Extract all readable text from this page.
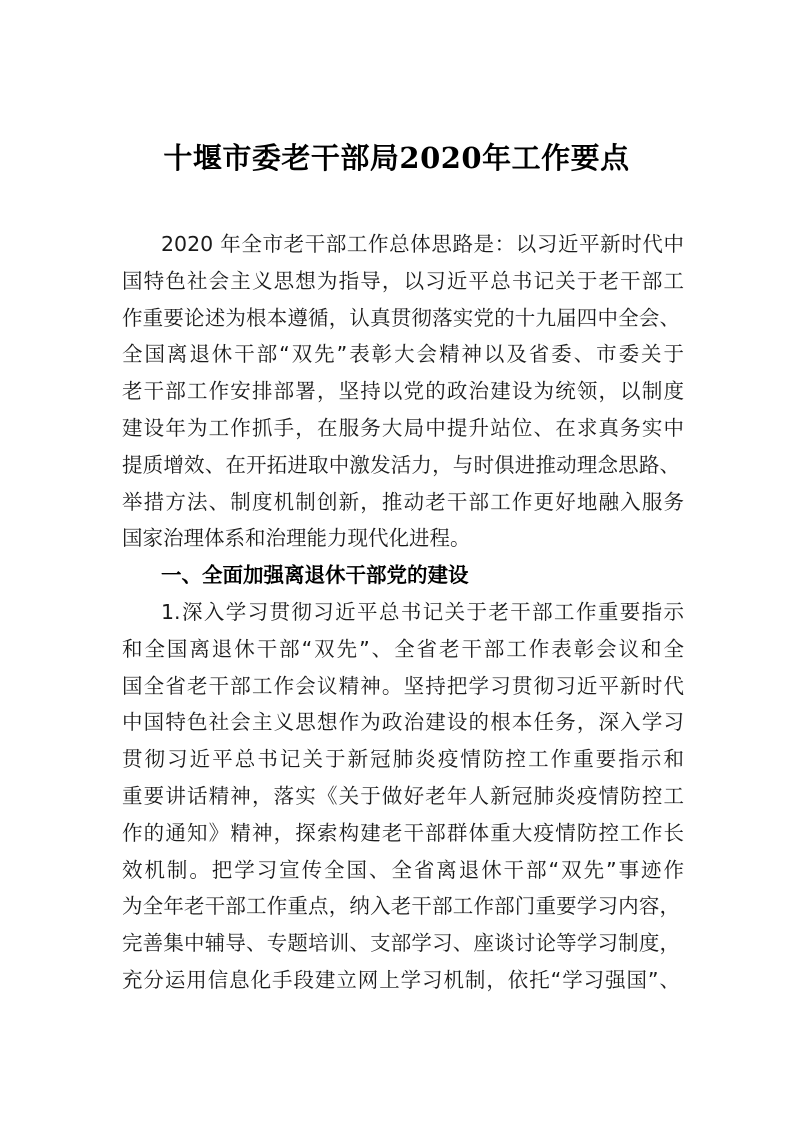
十堰市委老干部局2020年工作要点
2020 年全市老干部工作总体思路是：以习近平新时代中
国特色社会主义思想为指导，以习近平总书记关于老干部工
作重要论述为根本遵循，认真贯彻落实党的十九届四中全会、
全国离退休干部“双先”表彰大会精神以及省委、市委关于
老干部工作安排部署，坚持以党的政治建设为统领，以制度
建设年为工作抓手，在服务大局中提升站位、在求真务实中
提质增效、在开拓进取中激发活力，与时俱进推动理念思路、
举措方法、制度机制创新，推动老干部工作更好地融入服务
国家治理体系和治理能力现代化进程。
一、全面加强离退休干部党的建设
1.深入学习贯彻习近平总书记关于老干部工作重要指示
和全国离退休干部“双先”、全省老干部工作表彰会议和全
国全省老干部工作会议精神。坚持把学习贯彻习近平新时代
中国特色社会主义思想作为政治建设的根本任务，深入学习
贯彻习近平总书记关于新冠肺炎疫情防控工作重要指示和
重要讲话精神，落实《关于做好老年人新冠肺炎疫情防控工
作的通知》精神，探索构建老干部群体重大疫情防控工作长
效机制。把学习宣传全国、全省离退休干部“双先”事迹作
为全年老干部工作重点，纳入老干部工作部门重要学习内容，
完善集中辅导、专题培训、支部学习、座谈讨论等学习制度，
充分运用信息化手段建立网上学习机制，依托“学习强国”、
